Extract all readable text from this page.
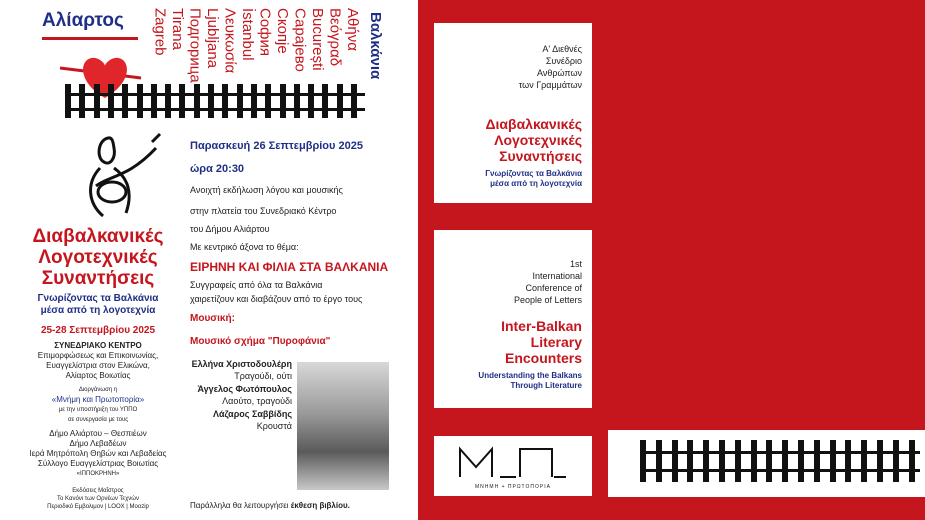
Αλίαρτος	Βαλκάνια
Αθήνα
Βεόγραδ
București
Сарајево
Скопје
София
İstanbul
Λευκωσία
Ljubljana
Подгорица
Tirana
Zagreb
Διαβαλκανικές
Λογοτεχνικές
Συναντήσεις
Γνωρίζοντας τα Βαλκάνια
μέσα από τη λογοτεχνία
25-28 Σεπτεμβρίου 2025
ΣΥΝΕΔΡΙΑΚΟ ΚΕΝΤΡΟ
Επιμορφώσεως και Επικοινωνίας,
Ευαγγελίστρια στον Ελικώνα,
Αλίαρτος Βοιωτίας
Διοργάνωση η
«Μνήμη και Πρωτοπορία»
με την υποστήριξη του ΥΠΠΟ
σε συνεργασία με τους
Δήμο Αλιάρτου – Θεσπιέων
Δήμο Λεβαδέων
Ιερά Μητρόπολη Θηβών και Λεβαδείας
Σύλλογο Ευαγγελίστριας Βοιωτίας
«ΙΠΠΟΚΡΗΝΗ»
Εκδόσεις Μαΐστρος
Το Κανόνι των Ορνέων Τεχνών
Περιοδικό Εμβολιμον | LOOX | Moozip
Παρασκευή 26 Σεπτεμβρίου 2025
ώρα 20:30
Ανοιχτή εκδήλωση λόγου και μουσικής
στην πλατεία του Συνεδριακό Κέντρο
του Δήμου Αλιάρτου
Με κεντρικό άξονα το θέμα:
ΕΙΡΗΝΗ ΚΑΙ ΦΙΛΙΑ ΣΤΑ ΒΑΛΚΑΝΙΑ
Συγγραφείς από όλα τα Βαλκάνια
χαιρετίζουν και διαβάζουν από το έργο τους
Μουσική:
Μουσικό σχήμα "Πυροφάνια"
Ελλήνα Χριστοδουλέρη
Τραγούδι, ούτι
Άγγελος Φωτόπουλος
Λαούτο, τραγούδι
Λάζαρος Σαββίδης
Κρουστά
Παράλληλα θα λειτουργήσει έκθεση βιβλίου.
Α' Διεθνές
Συνέδριο
Ανθρώπων
των Γραμμάτων
Διαβαλκανικές
Λογοτεχνικές
Συναντήσεις
Γνωρίζοντας τα Βαλκάνια
μέσα από τη λογοτεχνία
1st
International
Conference of
People of Letters
Inter-Balkan
Literary
Encounters
Understanding the Balkans
Through Literature
ΜΝΗΜΗ + ΠΡΩΤΟΠΟΡΙΑ
